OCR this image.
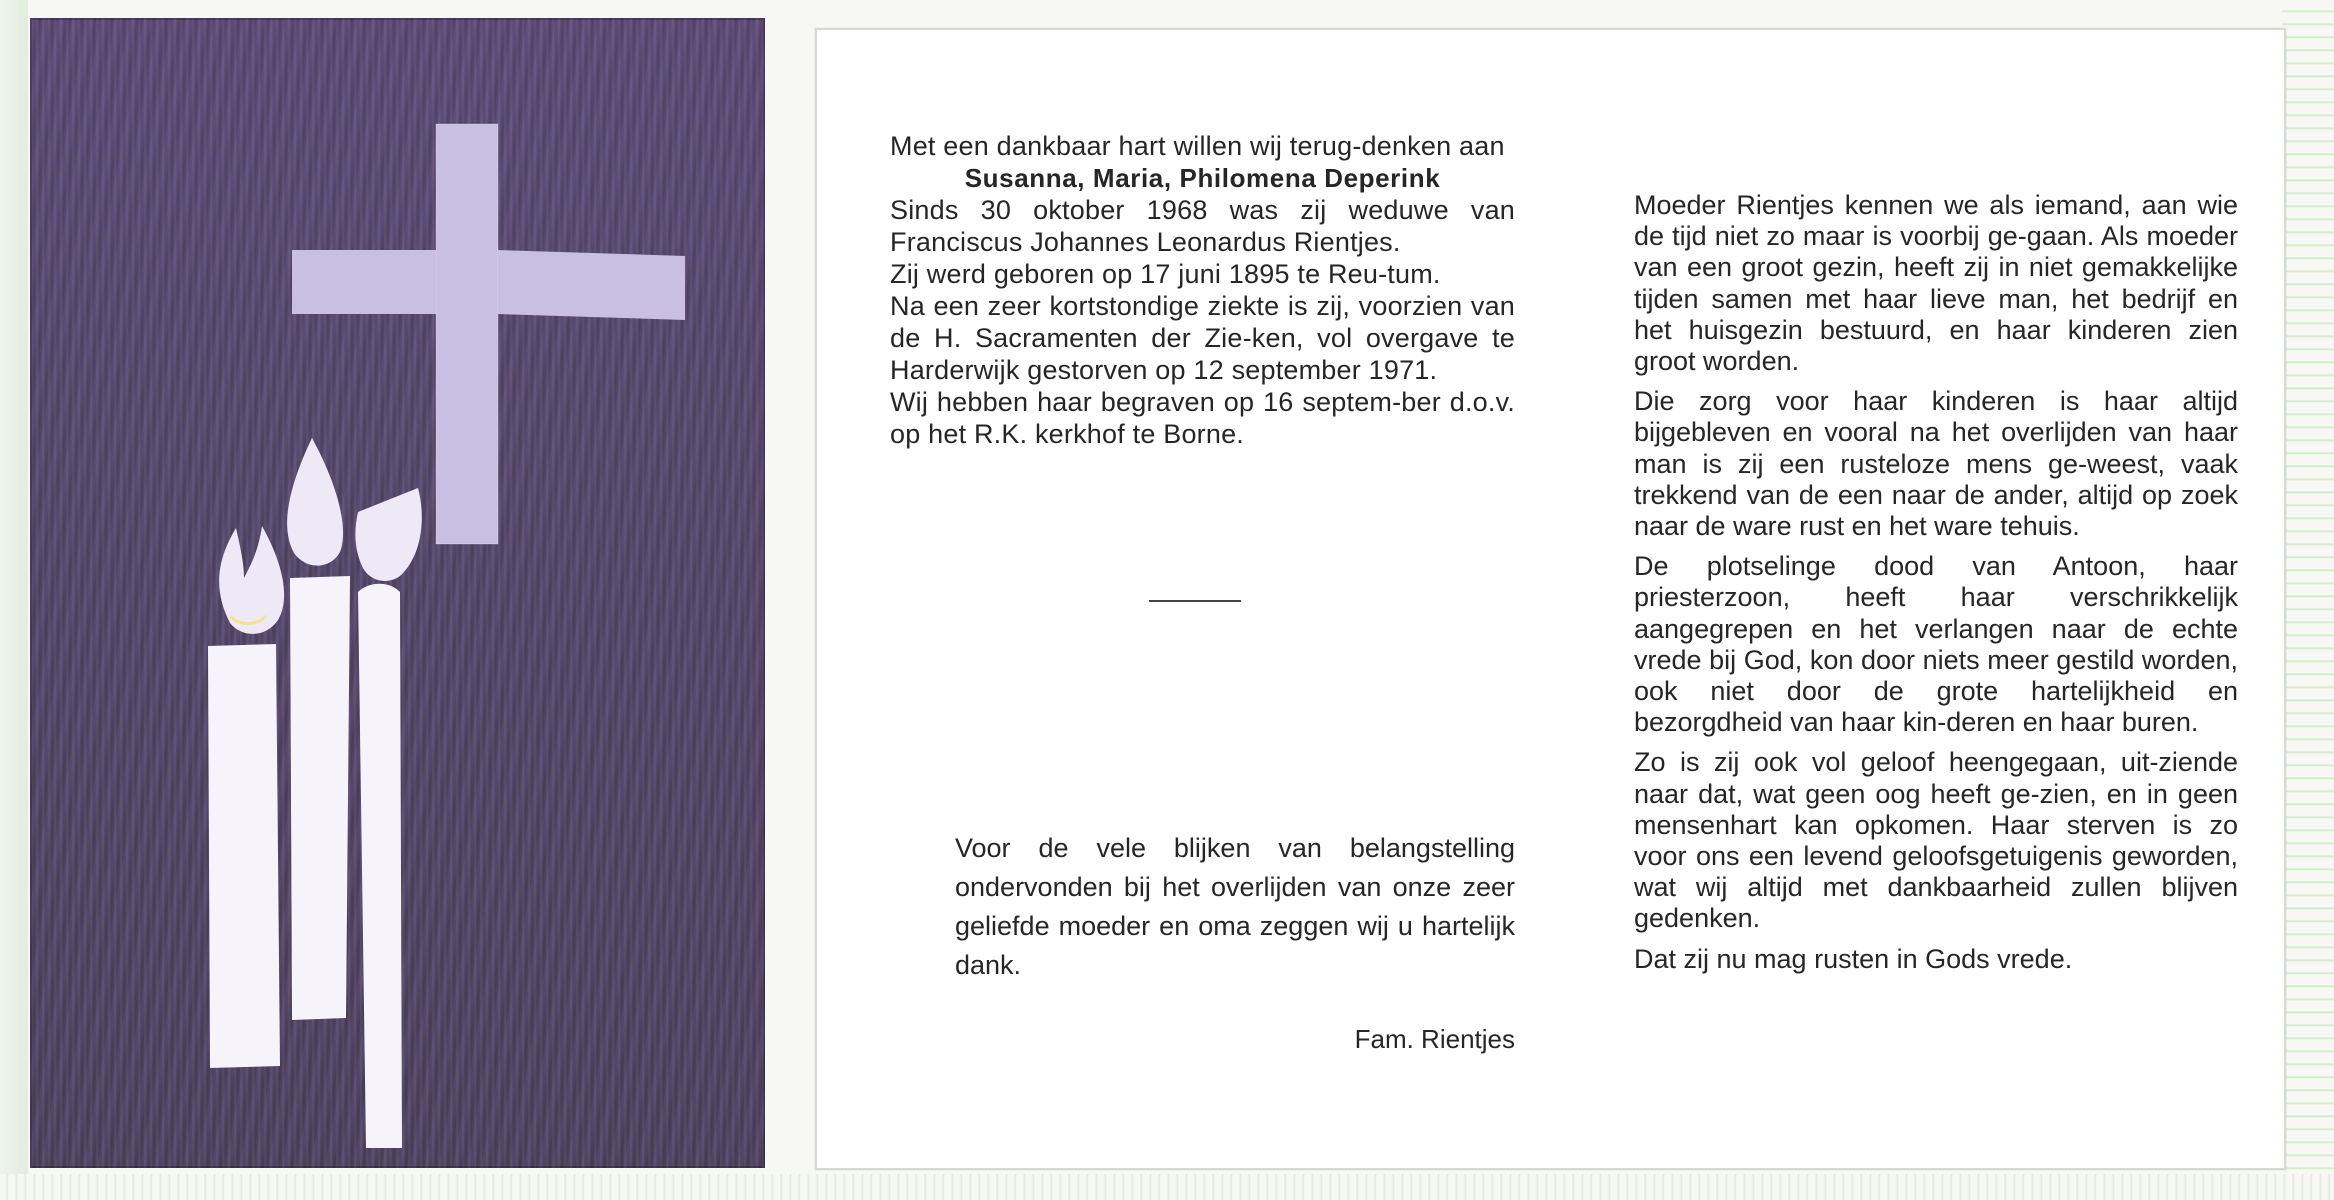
Met een dankbaar hart willen wij terug-denken aan

Susanna, Maria, Philomena Deperink

Sinds 30 oktober 1968 was zij weduwe van Franciscus Johannes Leonardus Rientjes.

Zij werd geboren op 17 juni 1895 te Reu-tum.

Na een zeer kortstondige ziekte is zij, voorzien van de H. Sacramenten der Zie-ken, vol overgave te Harderwijk gestorven op 12 september 1971.

Wij hebben haar begraven op 16 septem-ber d.o.v. op het R.K. kerkhof te Borne.

Voor de vele blijken van belangstelling ondervonden bij het overlijden van onze zeer geliefde moeder en oma zeggen wij u hartelijk dank.
Fam. Rientjes

Moeder Rientjes kennen we als iemand, aan wie de tijd niet zo maar is voorbij ge-gaan. Als moeder van een groot gezin, heeft zij in niet gemakkelijke tijden samen met haar lieve man, het bedrijf en het huisgezin bestuurd, en haar kinderen zien groot worden.

Die zorg voor haar kinderen is haar altijd bijgebleven en vooral na het overlijden van haar man is zij een rusteloze mens ge-weest, vaak trekkend van de een naar de ander, altijd op zoek naar de ware rust en het ware tehuis.

De plotselinge dood van Antoon, haar priesterzoon, heeft haar verschrikkelijk aangegrepen en het verlangen naar de echte vrede bij God, kon door niets meer gestild worden, ook niet door de grote hartelijkheid en bezorgdheid van haar kin-deren en haar buren.

Zo is zij ook vol geloof heengegaan, uit-ziende naar dat, wat geen oog heeft ge-zien, en in geen mensenhart kan opkomen. Haar sterven is zo voor ons een levend geloofsgetuigenis geworden, wat wij altijd met dankbaarheid zullen blijven gedenken.

Dat zij nu mag rusten in Gods vrede.
